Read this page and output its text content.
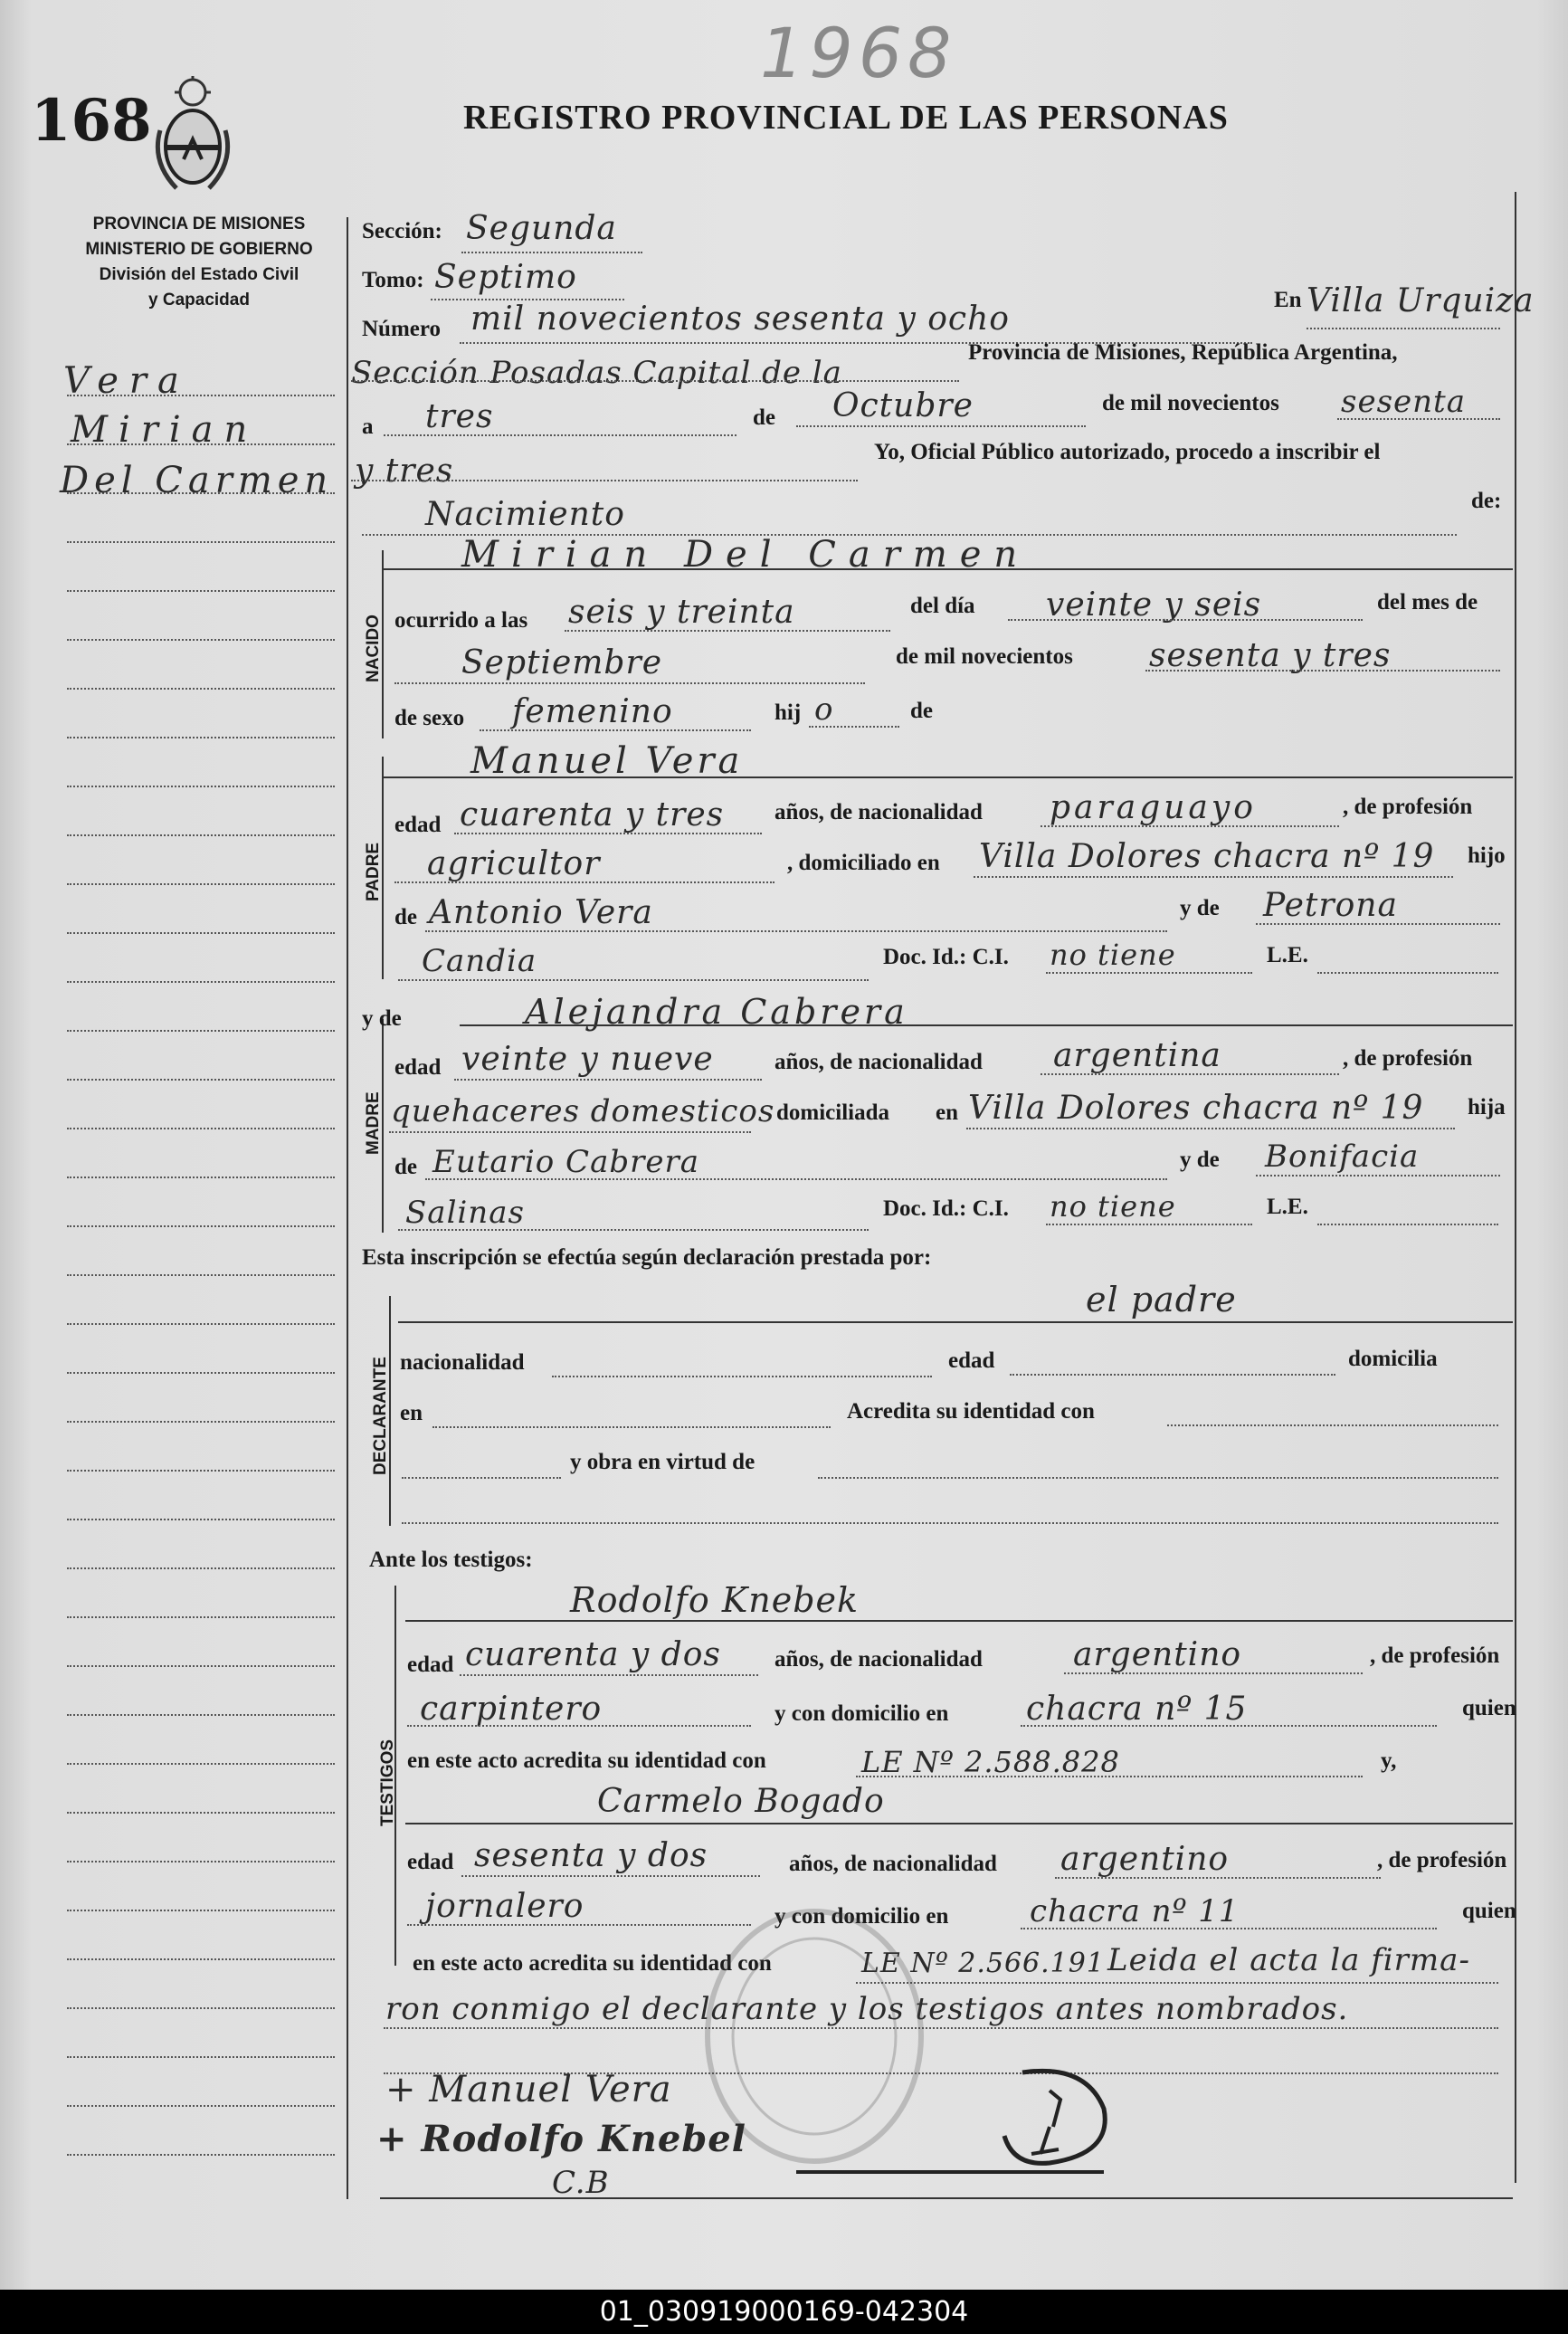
168
1968
REGISTRO PROVINCIAL DE LAS PERSONAS
PROVINCIA DE MISIONES
MINISTERIO DE GOBIERNO
División del Estado Civil
y Capacidad
Vera
Mirian
Del Carmen
Sección: Segunda
Tomo: Septimo
Número mil novecientos sesenta y ocho
En Villa Urquiza
Sección Posadas Capital de la
Provincia de Misiones, República Argentina,
a tres	de Octubre	de mil novecientos sesenta
y tres
Yo, Oficial Público autorizado, procedo a inscribir el
Nacimiento	de:
NACIDO
Mirian Del Carmen
ocurrido a las seis y treinta	del día veinte y seis	del mes de
Septiembre	de mil novecientos sesenta y tres
de sexo femenino	hij o	de
PADRE
Manuel Vera
edad cuarenta y tres años, de nacionalidad paraguayo	, de profesión
agricultor	, domiciliado en Villa Dolores chacra nº 19 hijo
de Antonio Vera	y de Petrona
Candia	Doc. Id.: C.I. no tiene	L.E.
MADRE
y de	Alejandra Cabrera
edad veinte y nueve	años, de nacionalidad argentina	, de profesión
quehaceres domesticos domiciliada en Villa Dolores chacra nº 19 hija
de Eutario Cabrera	y de Bonifacia
Salinas	Doc. Id.: C.I. no tiene	L.E.
Esta inscripción se efectúa según declaración prestada por:
DECLARANTE
el padre
nacionalidad	edad	domicilia
en	Acredita su identidad con
y obra en virtud de
Ante los testigos:
TESTIGOS
Rodolfo Knebek
edad cuarenta y dos años, de nacionalidad	argentino	, de profesión
carpintero	y con domicilio en chacra nº 15	quien
en este acto acredita su identidad con	LE Nº 2.588.828	y,
Carmelo Bogado
edad sesenta y dos	años, de nacionalidad argentino	, de profesión
jornalero	y con domicilio en	chacra nº 11	quien
en este acto acredita su identidad con	LE Nº 2.566.191 Leida el acta la firma-
ron conmigo el declarante y los testigos antes nombrados.
+ Manuel Vera
+ Rodolfo Knebel
C.B
01_030919000169-042304
